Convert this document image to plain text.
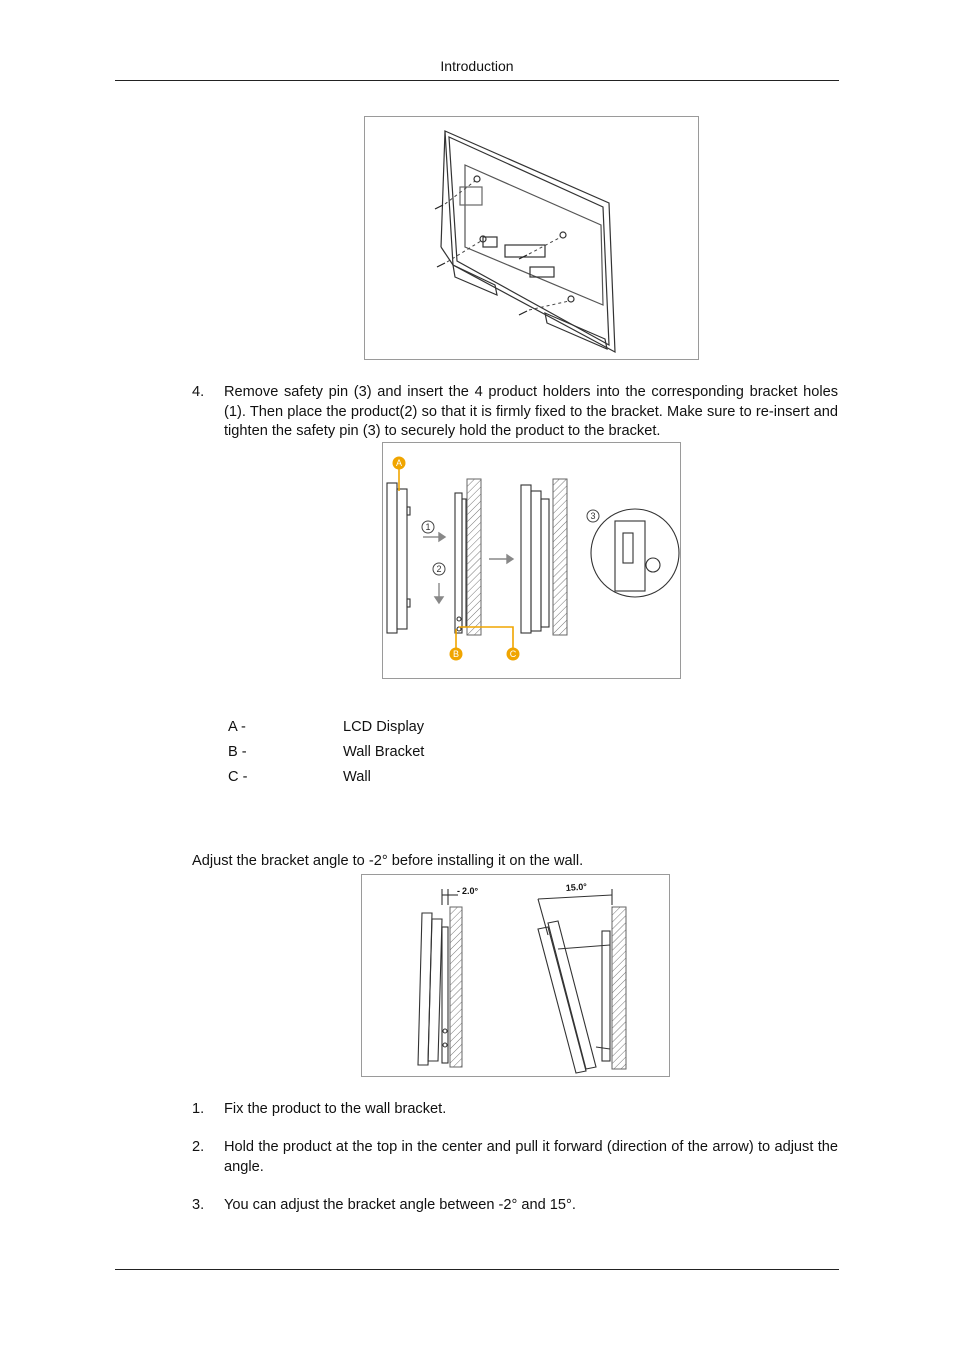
Introduction
4. Remove safety pin (3) and insert the 4 product holders into the corresponding bracket holes (1). Then place the product(2) so that it is firmly fixed to the bracket. Make sure to re-insert and tighten the safety pin (3) to securely hold the product to the bracket.
1
2
3
A
B	C
A -	LCD Display
B -	Wall Bracket
C -	Wall
Adjust the bracket angle to -2° before installing it on the wall.
- 2.0°	15.0°
1. Fix the product to the wall bracket.
2. Hold the product at the top in the center and pull it forward (direction of the arrow) to adjust the angle.
3. You can adjust the bracket angle between -2° and 15°.
